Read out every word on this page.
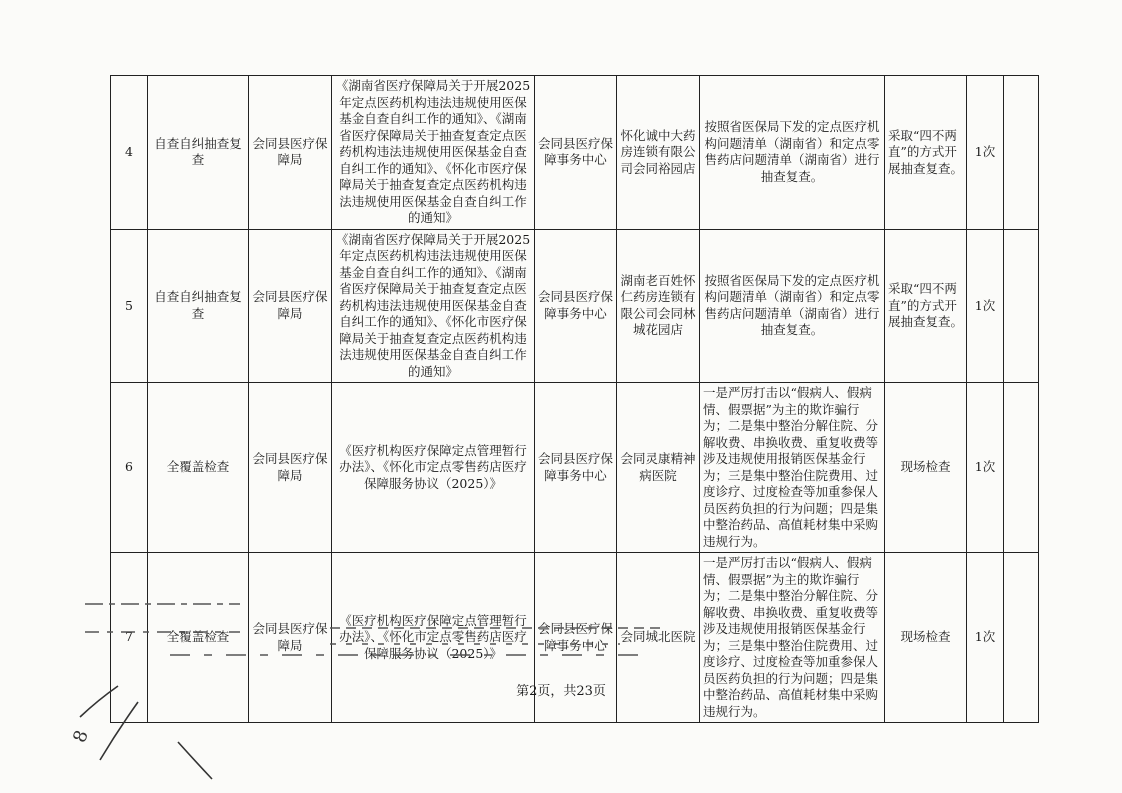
4	自查自纠抽查复查	会同县医疗保障局	《湖南省医疗保障局关于开展2025年定点医药机构违法违规使用医保基金自查自纠工作的通知》、《湖南省医疗保障局关于抽查复查定点医药机构违法违规使用医保基金自查自纠工作的通知》、《怀化市医疗保障局关于抽查复查定点医药机构违法违规使用医保基金自查自纠工作的通知》	会同县医疗保障事务中心	怀化诚中大药房连锁有限公司会同裕园店	按照省医保局下发的定点医疗机构问题清单（湖南省）和定点零售药店问题清单（湖南省）进行抽查复查。	采取“四不两直”的方式开展抽查复查。	1次	
5	自查自纠抽查复查	会同县医疗保障局	《湖南省医疗保障局关于开展2025年定点医药机构违法违规使用医保基金自查自纠工作的通知》、《湖南省医疗保障局关于抽查复查定点医药机构违法违规使用医保基金自查自纠工作的通知》、《怀化市医疗保障局关于抽查复查定点医药机构违法违规使用医保基金自查自纠工作的通知》	会同县医疗保障事务中心	湖南老百姓怀仁药房连锁有限公司会同林城花园店	按照省医保局下发的定点医疗机构问题清单（湖南省）和定点零售药店问题清单（湖南省）进行抽查复查。	采取“四不两直”的方式开展抽查复查。	1次	
6	全覆盖检查	会同县医疗保障局	《医疗机构医疗保障定点管理暂行办法》、《怀化市定点零售药店医疗保障服务协议（2025）》	会同县医疗保障事务中心	会同灵康精神病医院	一是严厉打击以“假病人、假病情、假票据”为主的欺诈骗行为；二是集中整治分解住院、分解收费、串换收费、重复收费等涉及违规使用报销医保基金行为；三是集中整治住院费用、过度诊疗、过度检查等加重参保人员医药负担的行为问题；四是集中整治药品、高值耗材集中采购违规行为。	现场检查	1次	
7	全覆盖检查	会同县医疗保障局	《医疗机构医疗保障定点管理暂行办法》、《怀化市定点零售药店医疗保障服务协议（2025）》	会同县医疗保障事务中心	会同城北医院	一是严厉打击以“假病人、假病情、假票据”为主的欺诈骗行为；二是集中整治分解住院、分解收费、串换收费、重复收费等涉及违规使用报销医保基金行为；三是集中整治住院费用、过度诊疗、过度检查等加重参保人员医药负担的行为问题；四是集中整治药品、高值耗材集中采购违规行为。	现场检查	1次	
第2页，共23页
8
